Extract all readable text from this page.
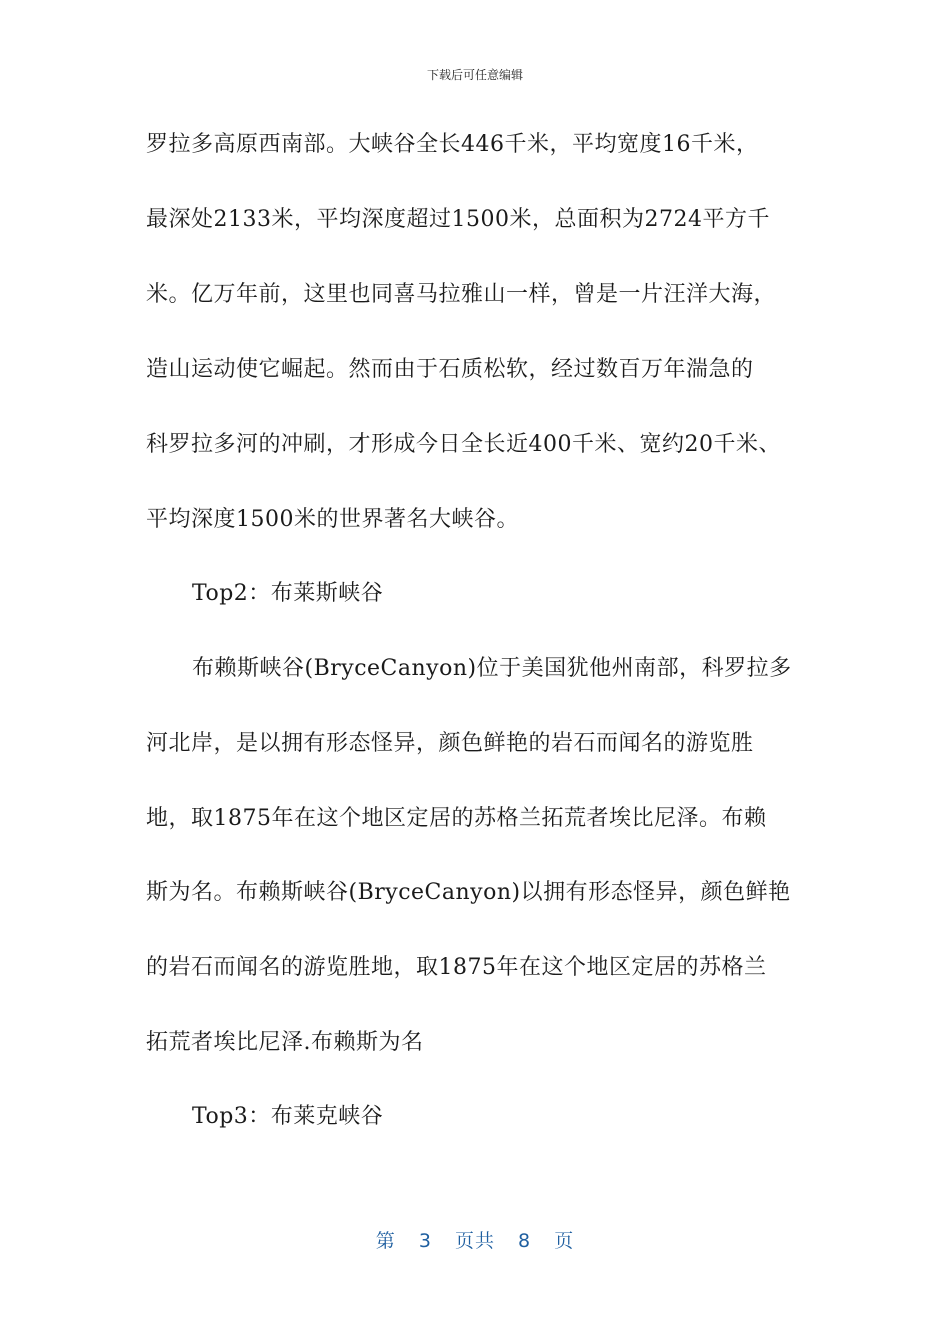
下载后可任意编辑
罗拉多高原西南部。大峡谷全长446千米，平均宽度16千米，
最深处2133米，平均深度超过1500米，总面积为2724平方千
米。亿万年前，这里也同喜马拉雅山一样，曾是一片汪洋大海，
造山运动使它崛起。然而由于石质松软，经过数百万年湍急的
科罗拉多河的冲刷，才形成今日全长近400千米、宽约20千米、
平均深度1500米的世界著名大峡谷。
Top2：布莱斯峡谷
布赖斯峡谷(BryceCanyon)位于美国犹他州南部，科罗拉多
河北岸，是以拥有形态怪异，颜色鲜艳的岩石而闻名的游览胜
地，取1875年在这个地区定居的苏格兰拓荒者埃比尼泽。布赖
斯为名。布赖斯峡谷(BryceCanyon)以拥有形态怪异，颜色鲜艳
的岩石而闻名的游览胜地，取1875年在这个地区定居的苏格兰
拓荒者埃比尼泽.布赖斯为名
Top3：布莱克峡谷
第 3 页共 8 页
